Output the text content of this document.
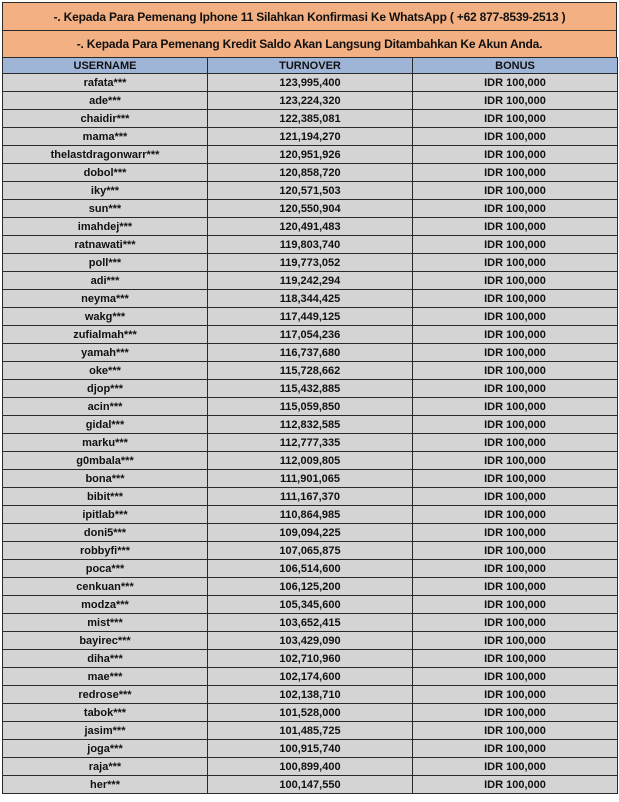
-. Kepada Para Pemenang Iphone 11 Silahkan Konfirmasi Ke WhatsApp ( +62 877-8539-2513 )
-. Kepada Para Pemenang Kredit Saldo Akan Langsung Ditambahkan Ke Akun Anda.
USERNAME	TURNOVER	BONUS
rafata***	123,995,400	IDR 100,000
ade***	123,224,320	IDR 100,000
chaidir***	122,385,081	IDR 100,000
mama***	121,194,270	IDR 100,000
thelastdragonwarr***	120,951,926	IDR 100,000
dobol***	120,858,720	IDR 100,000
iky***	120,571,503	IDR 100,000
sun***	120,550,904	IDR 100,000
imahdej***	120,491,483	IDR 100,000
ratnawati***	119,803,740	IDR 100,000
poll***	119,773,052	IDR 100,000
adi***	119,242,294	IDR 100,000
neyma***	118,344,425	IDR 100,000
wakg***	117,449,125	IDR 100,000
zufialmah***	117,054,236	IDR 100,000
yamah***	116,737,680	IDR 100,000
oke***	115,728,662	IDR 100,000
djop***	115,432,885	IDR 100,000
acin***	115,059,850	IDR 100,000
gidal***	112,832,585	IDR 100,000
marku***	112,777,335	IDR 100,000
g0mbala***	112,009,805	IDR 100,000
bona***	111,901,065	IDR 100,000
bibit***	111,167,370	IDR 100,000
ipitlab***	110,864,985	IDR 100,000
doni5***	109,094,225	IDR 100,000
robbyfi***	107,065,875	IDR 100,000
poca***	106,514,600	IDR 100,000
cenkuan***	106,125,200	IDR 100,000
modza***	105,345,600	IDR 100,000
mist***	103,652,415	IDR 100,000
bayirec***	103,429,090	IDR 100,000
diha***	102,710,960	IDR 100,000
mae***	102,174,600	IDR 100,000
redrose***	102,138,710	IDR 100,000
tabok***	101,528,000	IDR 100,000
jasim***	101,485,725	IDR 100,000
joga***	100,915,740	IDR 100,000
raja***	100,899,400	IDR 100,000
her***	100,147,550	IDR 100,000
